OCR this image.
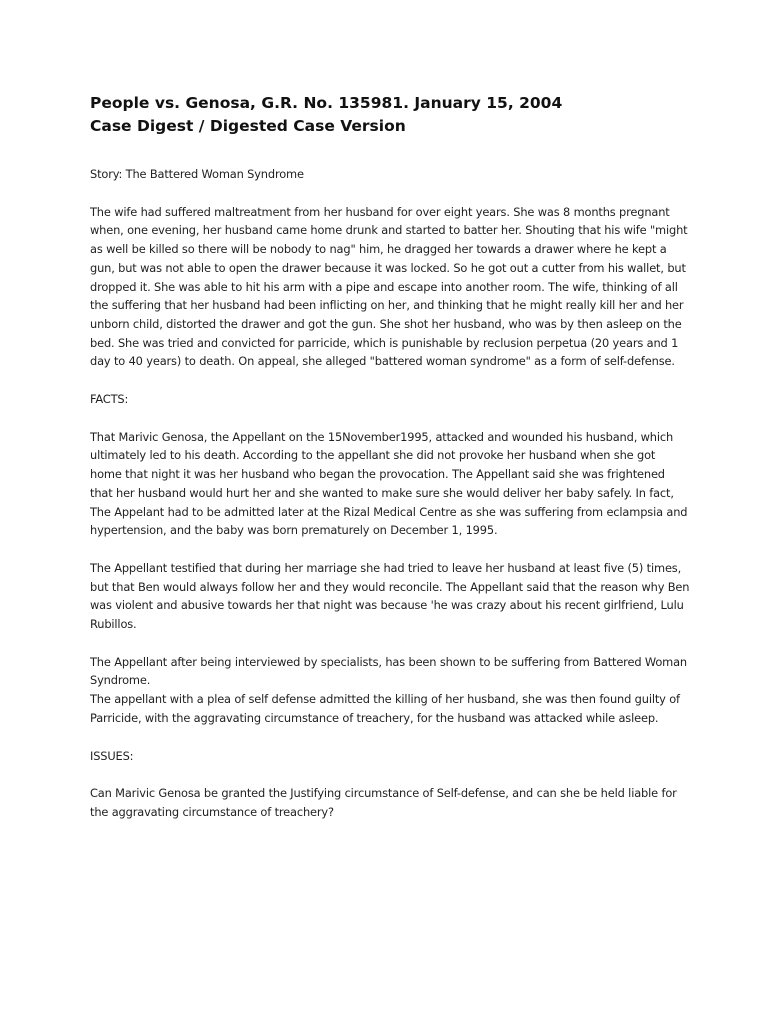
People vs. Genosa, G.R. No. 135981. January 15, 2004

Case Digest / Digested Case Version

Story: The Battered Woman Syndrome

The wife had suffered maltreatment from her husband for over eight years. She was 8 months pregnant when, one evening, her husband came home drunk and started to batter her. Shouting that his wife "might as well be killed so there will be nobody to nag" him, he dragged her towards a drawer where he kept a gun, but was not able to open the drawer because it was locked. So he got out a cutter from his wallet, but dropped it. She was able to hit his arm with a pipe and escape into another room. The wife, thinking of all the suffering that her husband had been inflicting on her, and thinking that he might really kill her and her unborn child, distorted the drawer and got the gun. She shot her husband, who was by then asleep on the bed. She was tried and convicted for parricide, which is punishable by reclusion perpetua (20 years and 1 day to 40 years) to death. On appeal, she alleged "battered woman syndrome" as a form of self-defense.

FACTS:

That Marivic Genosa, the Appellant on the 15November1995, attacked and wounded his husband, which ultimately led to his death. According to the appellant she did not provoke her husband when she got home that night it was her husband who began the provocation. The Appellant said she was frightened that her husband would hurt her and she wanted to make sure she would deliver her baby safely. In fact, The Appelant had to be admitted later at the Rizal Medical Centre as she was suffering from eclampsia and hypertension, and the baby was born prematurely on December 1, 1995.

The Appellant testified that during her marriage she had tried to leave her husband at least five (5) times, but that Ben would always follow her and they would reconcile. The Appellant said that the reason why Ben was violent and abusive towards her that night was because 'he was crazy about his recent girlfriend, Lulu Rubillos.

The Appellant after being interviewed by specialists, has been shown to be suffering from Battered Woman Syndrome.

The appellant with a plea of self defense admitted the killing of her husband, she was then found guilty of Parricide, with the aggravating circumstance of treachery, for the husband was attacked while asleep.

ISSUES:

Can Marivic Genosa be granted the Justifying circumstance of Self-defense, and can she be held liable for the aggravating circumstance of treachery?
